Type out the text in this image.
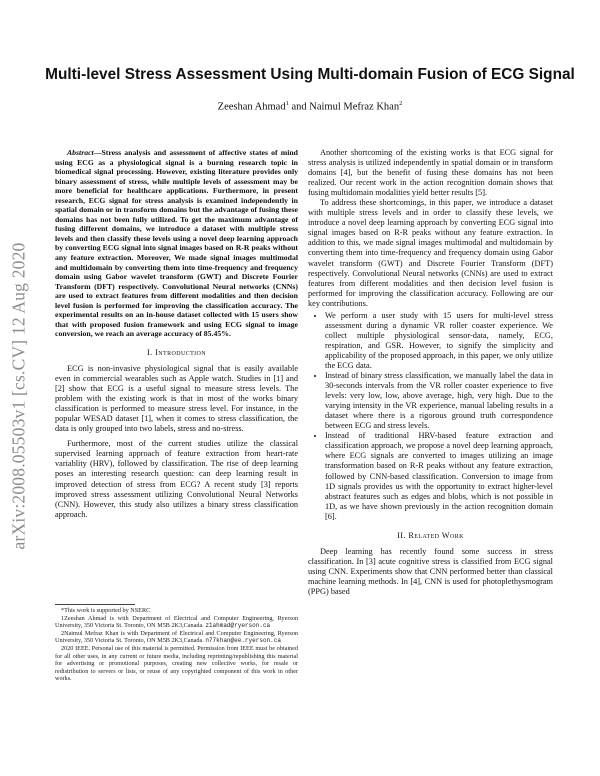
arXiv:2008.05503v1 [cs.CV] 12 Aug 2020
Multi-level Stress Assessment Using Multi-domain Fusion of ECG Signal
Zeeshan Ahmad$^1$ and Naimul Mefraz Khan$^2$

Abstract—Stress analysis and assessment of affective states of mind using ECG as a physiological signal is a burning research topic in biomedical signal processing. However, existing literature provides only binary assessment of stress, while multiple levels of assessment may be more beneficial for healthcare applications. Furthermore, in present research, ECG signal for stress analysis is examined independently in spatial domain or in transform domains but the advantage of fusing these domains has not been fully utilized. To get the maximum advantage of fusing different domains, we introduce a dataset with multiple stress levels and then classify these levels using a novel deep learning approach by converting ECG signal into signal images based on R-R peaks without any feature extraction. Moreover, We made signal images multimodal and multidomain by converting them into time-frequency and frequency domain using Gabor wavelet transform (GWT) and Discrete Fourier Transform (DFT) respectively. Convolutional Neural networks (CNNs) are used to extract features from different modalities and then decision level fusion is performed for improving the classification accuracy. The experimental results on an in-house dataset collected with 15 users show that with proposed fusion framework and using ECG signal to image conversion, we reach an average accuracy of 85.45%.

I. Introduction

ECG is non-invasive physiological signal that is easily available even in commercial wearables such as Apple watch. Studies in [1] and [2] show that ECG is a useful signal to measure stress levels. The problem with the existing work is that in most of the works binary classification is performed to measure stress level. For instance, in the popular WESAD dataset [1], when it comes to stress classification, the data is only grouped into two labels, stress and no-stress.

Furthermore, most of the current studies utilize the classical supervised learning approach of feature extraction from heart-rate variablity (HRV), followed by classification. The rise of deep learning poses an interesting research question: can deep learning result in improved detection of stress from ECG? A recent study [3] reports improved stress assessment utilizing Convolutional Neural Networks (CNN). However, this study also utilizes a binary stress classification approach.

*This work is supported by NSERC

1Zeeshan Ahmad is with Department of Electrical and Computer Engineering, Ryerson University, 350 Victoria St. Toronto, ON M5B 2K3,Canada. z1ahmad@ryerson.ca

2Naimul Mefraz Khan is with Department of Electrical and Computer Engineering, Ryerson University, 350 Victoria St. Toronto, ON M5B 2K3,Canada. n77khan@ee.ryerson.ca

2020 IEEE. Personal use of this material is permitted. Permission from IEEE must be obtained for all other uses, in any current or future media, including reprinting/republishing this material for advertising or promotional purposes, creating new collective works, for resale or redistribution to servers or lists, or reuse of any copyrighted component of this work in other works.

Another shortcoming of the existing works is that ECG signal for stress analysis is utilized independently in spatial domain or in transform domains [4], but the benefit of fusing these domains has not been realized. Our recent work in the action recognition domain shows that fusing multidomain modalities yield better results [5].

To address these shortcomings, in this paper, we introduce a dataset with multiple stress levels and in order to classify these levels, we introduce a novel deep learning approach by converting ECG signal into signal images based on R-R peaks without any feature extraction. In addition to this, we made signal images multimodal and multidomain by converting them into time-frequency and frequency domain using Gabor wavelet transform (GWT) and Discrete Fourier Transform (DFT) respectively. Convolutional Neural networks (CNNs) are used to extract features from different modalities and then decision level fusion is performed for improving the classification accuracy. Following are our key contributions.

• We perform a user study with 15 users for multi-level stress assessment during a dynamic VR roller coaster experience. We collect multiple physiological sensor-data, namely, ECG, respiration, and GSR. However, to signify the simplicity and applicability of the proposed approach, in this paper, we only utilize the ECG data.
• Instead of binary stress classification, we manually label the data in 30-seconds intervals from the VR roller coaster experience to five levels: very low, low, above average, high, very high. Due to the varying intensity in the VR experience, manual labeling results in a dataset where there is a rigorous ground truth correspondence between ECG and stress levels.
• Instead of traditional HRV-based feature extraction and classification approach, we propose a novel deep learning approach, where ECG signals are converted to images utilizing an image transformation based on R-R peaks without any feature extraction, followed by CNN-based classification. Conversion to image from 1D signals provides us with the opportunity to extract higher-level abstract features such as edges and blobs, which is not possible in 1D, as we have shown previously in the action recognition domain [6].
II. Related Work

Deep learning has recently found some success in stress classification. In [3] acute cognitive stress is classified from ECG signal using CNN. Experiments show that CNN performed better than classical machine learning methods. In [4], CNN is used for photoplethysmogram (PPG) based
